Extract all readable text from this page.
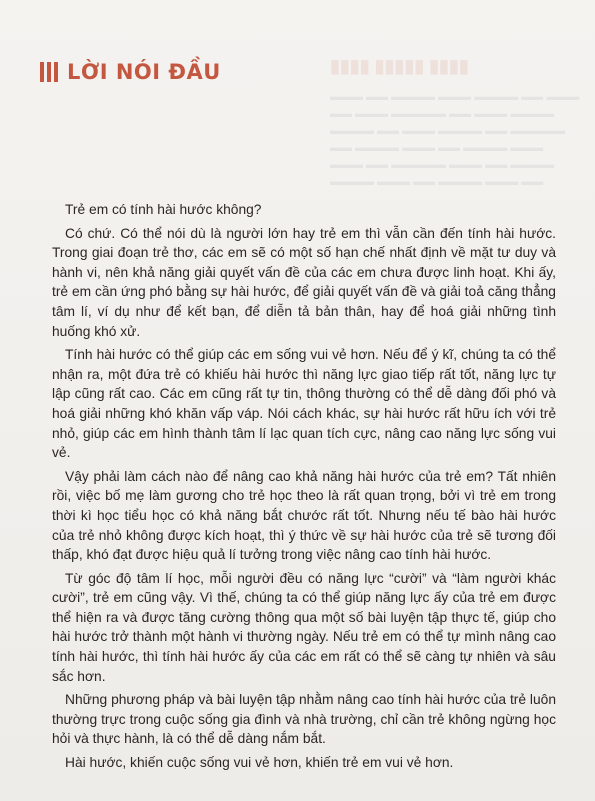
▮▮▮▮ ▮▮▮▮▮ ▮▮▮▮
▬▬▬ ▬▬ ▬▬▬▬ ▬▬▬ ▬▬▬▬ ▬▬ ▬▬▬
▬▬ ▬▬▬ ▬▬▬▬▬ ▬▬ ▬▬▬ ▬▬▬▬
▬▬▬▬ ▬▬ ▬▬▬ ▬▬▬▬ ▬▬ ▬▬▬▬▬
▬▬ ▬▬▬▬ ▬▬▬ ▬▬ ▬▬▬▬ ▬▬▬
▬▬▬ ▬▬ ▬▬▬▬▬ ▬▬▬ ▬▬ ▬▬▬▬
▬▬▬▬ ▬▬▬ ▬▬ ▬▬▬▬ ▬▬▬ ▬▬
LỜI NÓI ĐẦU

Trẻ em có tính hài hước không?

Có chứ. Có thể nói dù là người lớn hay trẻ em thì vẫn cần đến tính hài hước. Trong giai đoạn trẻ thơ, các em sẽ có một số hạn chế nhất định về mặt tư duy và hành vi, nên khả năng giải quyết vấn đề của các em chưa được linh hoạt. Khi ấy, trẻ em cần ứng phó bằng sự hài hước, để giải quyết vấn đề và giải toả căng thẳng tâm lí, ví dụ như để kết bạn, để diễn tả bản thân, hay để hoá giải những tình huống khó xử.

Tính hài hước có thể giúp các em sống vui vẻ hơn. Nếu để ý kĩ, chúng ta có thể nhận ra, một đứa trẻ có khiếu hài hước thì năng lực giao tiếp rất tốt, năng lực tự lập cũng rất cao. Các em cũng rất tự tin, thông thường có thể dễ dàng đối phó và hoá giải những khó khăn vấp váp. Nói cách khác, sự hài hước rất hữu ích với trẻ nhỏ, giúp các em hình thành tâm lí lạc quan tích cực, nâng cao năng lực sống vui vẻ.

Vậy phải làm cách nào để nâng cao khả năng hài hước của trẻ em? Tất nhiên rồi, việc bố mẹ làm gương cho trẻ học theo là rất quan trọng, bởi vì trẻ em trong thời kì học tiểu học có khả năng bắt chước rất tốt. Nhưng nếu tế bào hài hước của trẻ nhỏ không được kích hoạt, thì ý thức về sự hài hước của trẻ sẽ tương đối thấp, khó đạt được hiệu quả lí tưởng trong việc nâng cao tính hài hước.

Từ góc độ tâm lí học, mỗi người đều có năng lực “cười” và “làm người khác cười”, trẻ em cũng vậy. Vì thế, chúng ta có thể giúp năng lực ấy của trẻ em được thể hiện ra và được tăng cường thông qua một số bài luyện tập thực tế, giúp cho hài hước trở thành một hành vi thường ngày. Nếu trẻ em có thể tự mình nâng cao tính hài hước, thì tính hài hước ấy của các em rất có thể sẽ càng tự nhiên và sâu sắc hơn.

Những phương pháp và bài luyện tập nhằm nâng cao tính hài hước của trẻ luôn thường trực trong cuộc sống gia đình và nhà trường, chỉ cần trẻ không ngừng học hỏi và thực hành, là có thể dễ dàng nắm bắt.

Hài hước, khiến cuộc sống vui vẻ hơn, khiến trẻ em vui vẻ hơn.
